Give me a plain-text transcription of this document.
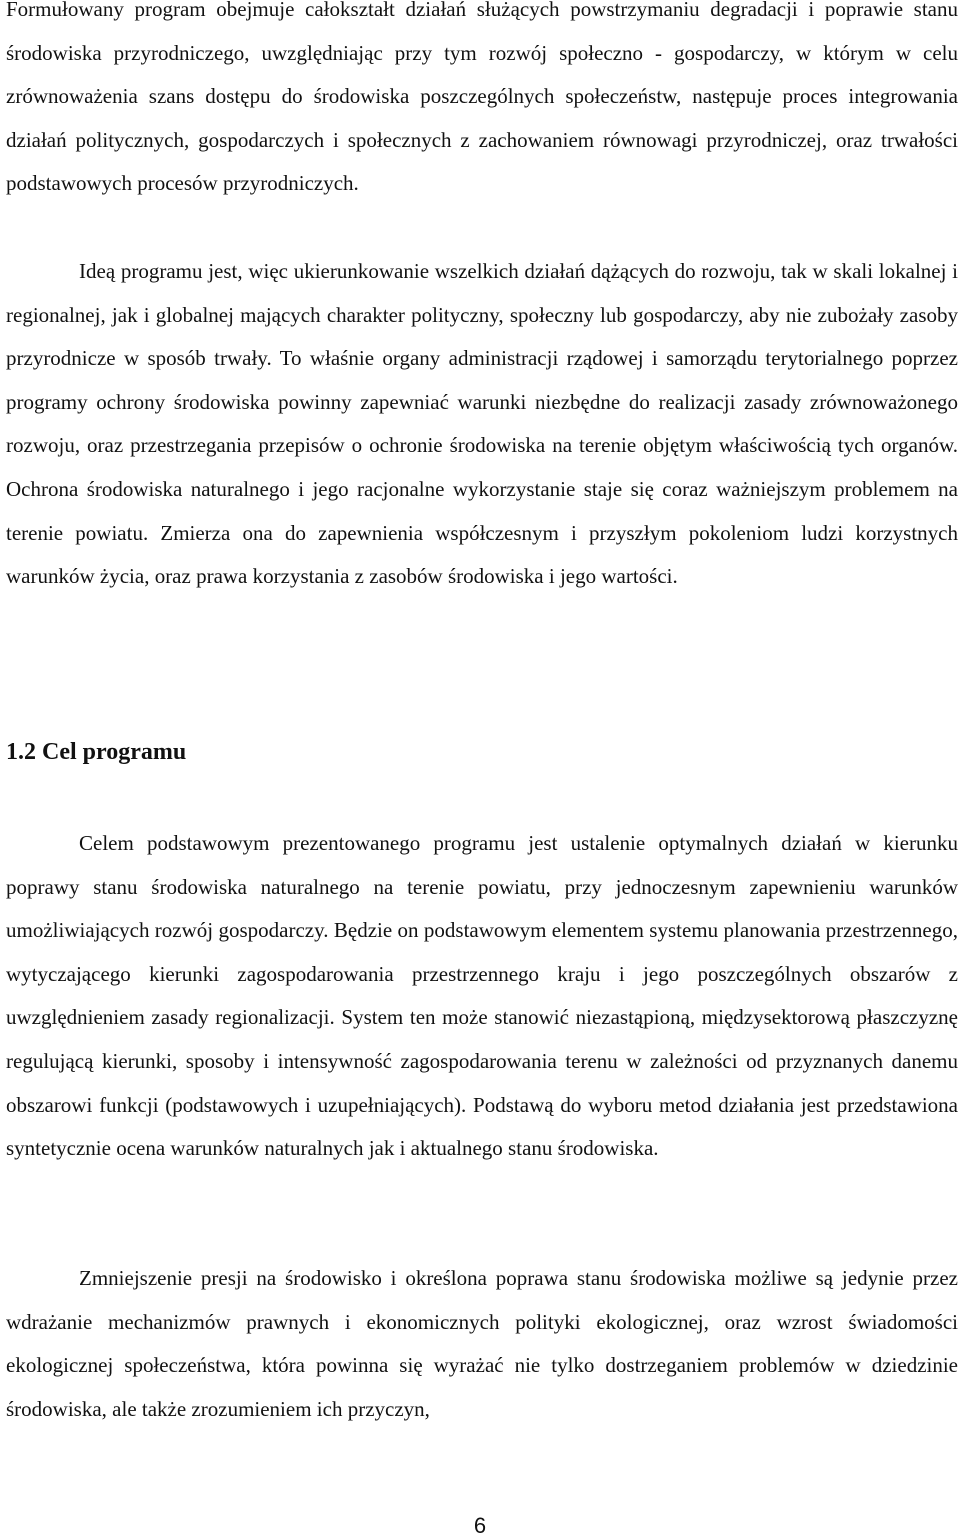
Formułowany program obejmuje całokształt działań służących powstrzymaniu degradacji i poprawie stanu środowiska przyrodniczego, uwzględniając przy tym rozwój społeczno - gospodarczy, w którym w celu zrównoważenia szans dostępu do środowiska poszczególnych społeczeństw, następuje proces integrowania działań politycznych, gospodarczych i społecznych z zachowaniem równowagi przyrodniczej, oraz trwałości podstawowych procesów przyrodniczych.

Ideą programu jest, więc ukierunkowanie wszelkich działań dążących do rozwoju, tak w skali lokalnej i regionalnej, jak i globalnej mających charakter polityczny, społeczny lub gospodarczy, aby nie zubożały zasoby przyrodnicze w sposób trwały. To właśnie organy administracji rządowej i samorządu terytorialnego poprzez programy ochrony środowiska powinny zapewniać warunki niezbędne do realizacji zasady zrównoważonego rozwoju, oraz przestrzegania przepisów o ochronie środowiska na terenie objętym właściwością tych organów. Ochrona środowiska naturalnego i jego racjonalne wykorzystanie staje się coraz ważniejszym problemem na terenie powiatu. Zmierza ona do zapewnienia współczesnym i przyszłym pokoleniom ludzi korzystnych warunków życia, oraz prawa korzystania z zasobów środowiska i jego wartości.

1.2 Cel programu

Celem podstawowym prezentowanego programu jest ustalenie optymalnych działań w kierunku poprawy stanu środowiska naturalnego na terenie powiatu, przy jednoczesnym zapewnieniu warunków umożliwiających rozwój gospodarczy. Będzie on podstawowym elementem systemu planowania przestrzennego, wytyczającego kierunki zagospodarowania przestrzennego kraju i jego poszczególnych obszarów z uwzględnieniem zasady regionalizacji. System ten może stanowić niezastąpioną, międzysektorową płaszczyznę regulującą kierunki, sposoby i intensywność zagospodarowania terenu w zależności od przyznanych danemu obszarowi funkcji (podstawowych i uzupełniających). Podstawą do wyboru metod działania jest przedstawiona syntetycznie ocena warunków naturalnych jak i aktualnego stanu środowiska.

Zmniejszenie presji na środowisko i określona poprawa stanu środowiska możliwe są jedynie przez wdrażanie mechanizmów prawnych i ekonomicznych polityki ekologicznej, oraz wzrost świadomości ekologicznej społeczeństwa, która powinna się wyrażać nie tylko dostrzeganiem problemów w dziedzinie środowiska, ale także zrozumieniem ich przyczyn,

6
